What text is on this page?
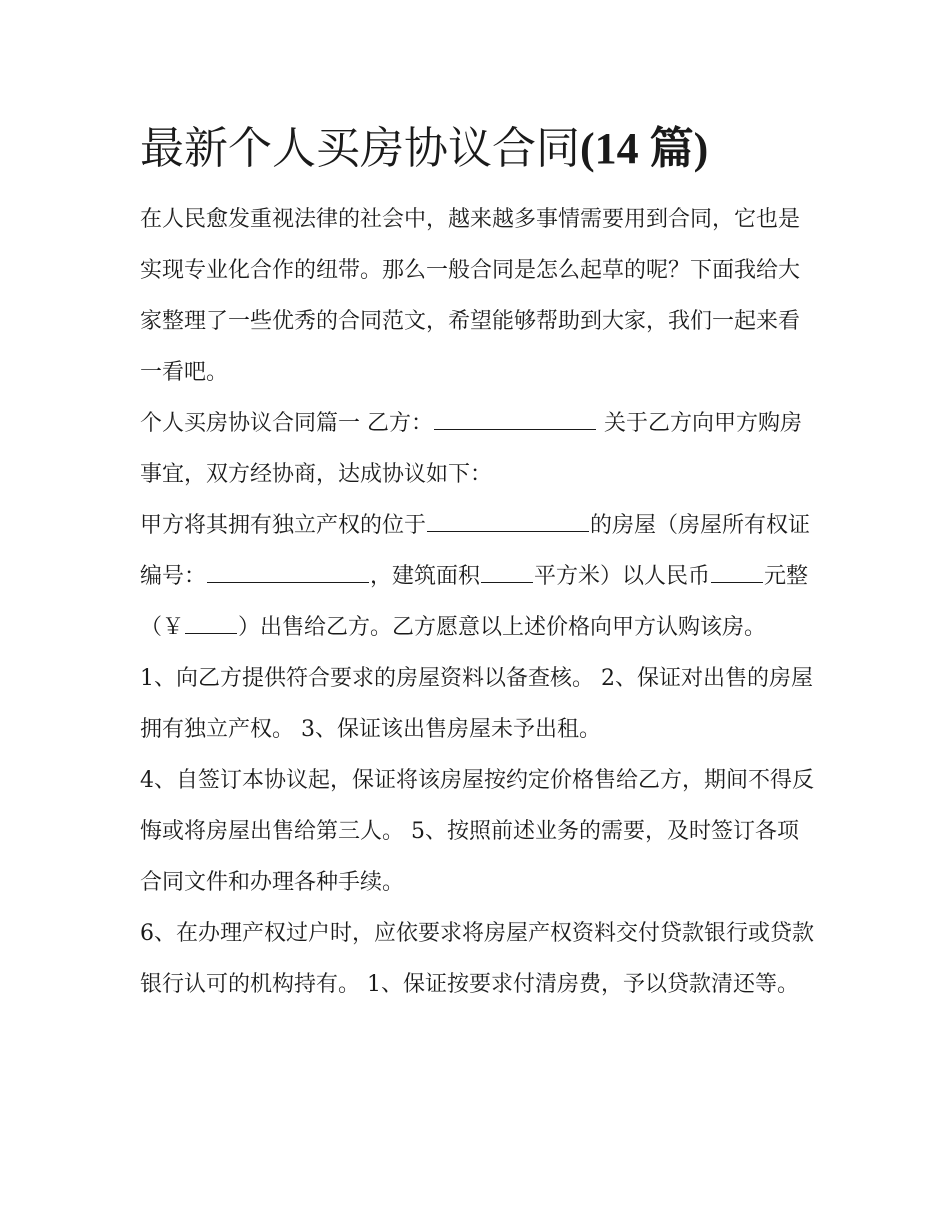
最新个人买房协议合同(14 篇)

在人民愈发重视法律的社会中，越来越多事情需要用到合同，它也是实现专业化合作的纽带。那么一般合同是怎么起草的呢？下面我给大家整理了一些优秀的合同范文，希望能够帮助到大家，我们一起来看一看吧。

个人买房协议合同篇一 乙方：	关于乙方向甲方购房事宜，双方经协商，达成协议如下：

甲方将其拥有独立产权的位于	的房屋（房屋所有权证编号：	，建筑面积 平方米）以人民币 元整（￥ ）出售给乙方。乙方愿意以上述价格向甲方认购该房。

1、向乙方提供符合要求的房屋资料以备查核。 2、保证对出售的房屋拥有独立产权。 3、保证该出售房屋未予出租。

4、自签订本协议起，保证将该房屋按约定价格售给乙方，期间不得反悔或将房屋出售给第三人。 5、按照前述业务的需要，及时签订各项合同文件和办理各种手续。

6、在办理产权过户时，应依要求将房屋产权资料交付贷款银行或贷款银行认可的机构持有。 1、保证按要求付清房费，予以贷款清还等。
